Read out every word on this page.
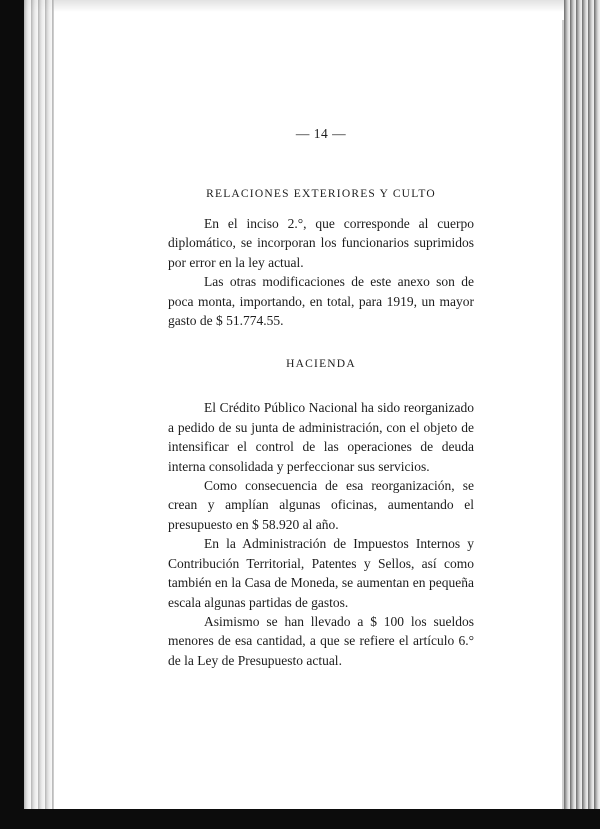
— 14 —
RELACIONES EXTERIORES Y CULTO

En el inciso 2.°, que corresponde al cuerpo diplomático, se incorporan los funcionarios suprimidos por error en la ley actual.

Las otras modificaciones de este anexo son de poca monta, importando, en total, para 1919, un mayor gasto de $ 51.774.55.

HACIENDA

El Crédito Público Nacional ha sido reorganizado a pedido de su junta de administración, con el objeto de intensificar el control de las operaciones de deuda interna consolidada y perfeccionar sus servicios.

Como consecuencia de esa reorganización, se crean y amplían algunas oficinas, aumentando el presupuesto en $ 58.920 al año.

En la Administración de Impuestos Internos y Contribución Territorial, Patentes y Sellos, así como también en la Casa de Moneda, se aumentan en pequeña escala algunas partidas de gastos.

Asimismo se han llevado a $ 100 los sueldos menores de esa cantidad, a que se refiere el artículo 6.° de la Ley de Presupuesto actual.
